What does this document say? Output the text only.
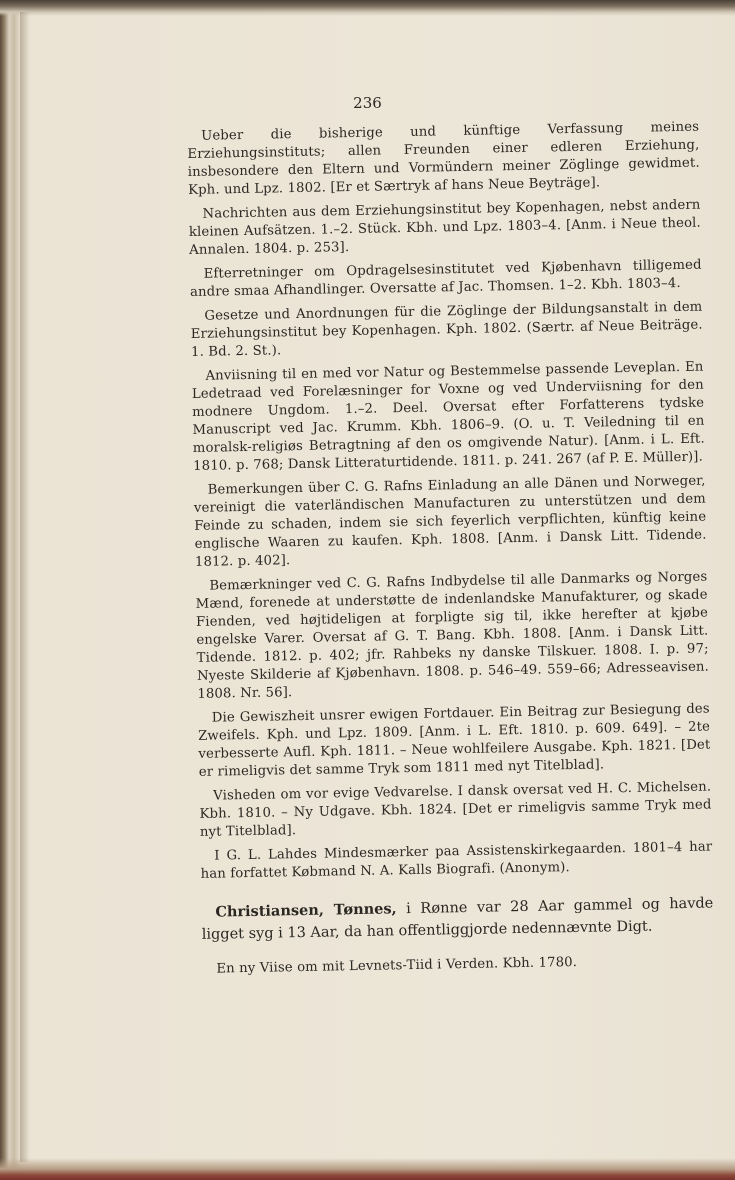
236

Ueber die bisherige und künftige Verfassung meines Erziehungsinstituts; allen Freunden einer edleren Erziehung, insbesondere den Eltern und Vormündern meiner Zöglinge gewidmet. Kph. und Lpz. 1802. [Er et Særtryk af hans Neue Beyträge].

Nachrichten aus dem Erziehungsinstitut bey Kopenhagen, nebst andern kleinen Aufsätzen. 1.–2. Stück. Kbh. und Lpz. 1803–4. [Anm. i Neue theol. Annalen. 1804. p. 253].

Efterretninger om Opdragelsesinstitutet ved Kjøbenhavn tilligemed andre smaa Afhandlinger. Oversatte af Jac. Thomsen. 1–2. Kbh. 1803–4.

Gesetze und Anordnungen für die Zöglinge der Bildungsanstalt in dem Erziehungsinstitut bey Kopenhagen. Kph. 1802. (Særtr. af Neue Beiträge. 1. Bd. 2. St.).

Anviisning til en med vor Natur og Bestemmelse passende Leveplan. En Ledetraad ved Forelæsninger for Voxne og ved Underviisning for den modnere Ungdom. 1.–2. Deel. Oversat efter Forfatterens tydske Manuscript ved Jac. Krumm. Kbh. 1806–9. (O. u. T. Veiledning til en moralsk-religiøs Betragtning af den os omgivende Natur). [Anm. i L. Eft. 1810. p. 768; Dansk Litteraturtidende. 1811. p. 241. 267 (af P. E. Müller)].

Bemerkungen über C. G. Rafns Einladung an alle Dänen und Norweger, vereinigt die vaterländischen Manufacturen zu unterstützen und dem Feinde zu schaden, indem sie sich feyerlich verpflichten, künftig keine englische Waaren zu kaufen. Kph. 1808. [Anm. i Dansk Litt. Tidende. 1812. p. 402].

Bemærkninger ved C. G. Rafns Indbydelse til alle Danmarks og Norges Mænd, forenede at understøtte de indenlandske Manufakturer, og skade Fienden, ved højtideligen at forpligte sig til, ikke herefter at kjøbe engelske Varer. Oversat af G. T. Bang. Kbh. 1808. [Anm. i Dansk Litt. Tidende. 1812. p. 402; jfr. Rahbeks ny danske Tilskuer. 1808. I. p. 97; Nyeste Skilderie af Kjøbenhavn. 1808. p. 546–49. 559–66; Adresseavisen. 1808. Nr. 56].

Die Gewiszheit unsrer ewigen Fortdauer. Ein Beitrag zur Besiegung des Zweifels. Kph. und Lpz. 1809. [Anm. i L. Eft. 1810. p. 609. 649]. – 2te verbesserte Aufl. Kph. 1811. – Neue wohlfeilere Ausgabe. Kph. 1821. [Det er rimeligvis det samme Tryk som 1811 med nyt Titelblad].

Visheden om vor evige Vedvarelse. I dansk oversat ved H. C. Michelsen. Kbh. 1810. – Ny Udgave. Kbh. 1824. [Det er rimeligvis samme Tryk med nyt Titelblad].

I G. L. Lahdes Mindesmærker paa Assistenskirkegaarden. 1801–4 har han forfattet Købmand N. A. Kalls Biografi. (Anonym).

Christiansen, Tønnes, i Rønne var 28 Aar gammel og havde ligget syg i 13 Aar, da han offentliggjorde nedennævnte Digt.

En ny Viise om mit Levnets-Tiid i Verden. Kbh. 1780.
